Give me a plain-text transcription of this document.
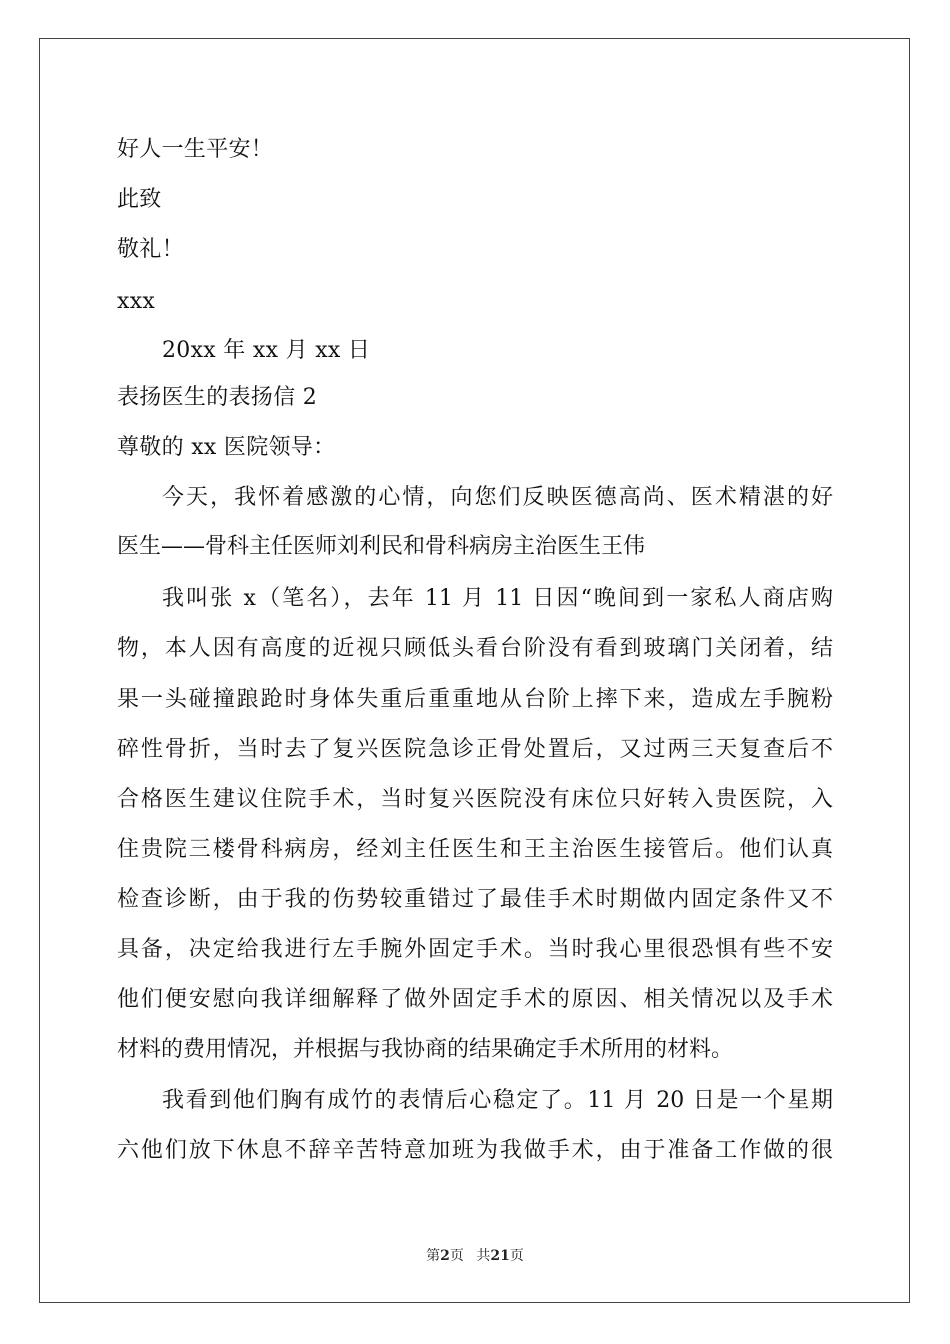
好人一生平安！
此致
敬礼！
xxx
20xx 年 xx 月 xx 日
表扬医生的表扬信 2
尊敬的 xx 医院领导：
今天，我怀着感激的心情，向您们反映医德高尚、医术精湛的好
医生——骨科主任医师刘利民和骨科病房主治医生王伟
我叫张 x（笔名），去年 11 月 11 日因“晚间到一家私人商店购
物，本人因有高度的近视只顾低头看台阶没有看到玻璃门关闭着，结
果一头碰撞踉跄时身体失重后重重地从台阶上摔下来，造成左手腕粉
碎性骨折，当时去了复兴医院急诊正骨处置后，又过两三天复查后不
合格医生建议住院手术，当时复兴医院没有床位只好转入贵医院，入
住贵院三楼骨科病房，经刘主任医生和王主治医生接管后。他们认真
检查诊断，由于我的伤势较重错过了最佳手术时期做内固定条件又不
具备，决定给我进行左手腕外固定手术。当时我心里很恐惧有些不安
他们便安慰向我详细解释了做外固定手术的原因、相关情况以及手术
材料的费用情况，并根据与我协商的结果确定手术所用的材料。
我看到他们胸有成竹的表情后心稳定了。11 月 20 日是一个星期
六他们放下休息不辞辛苦特意加班为我做手术，由于准备工作做的很
第2页 共21页
